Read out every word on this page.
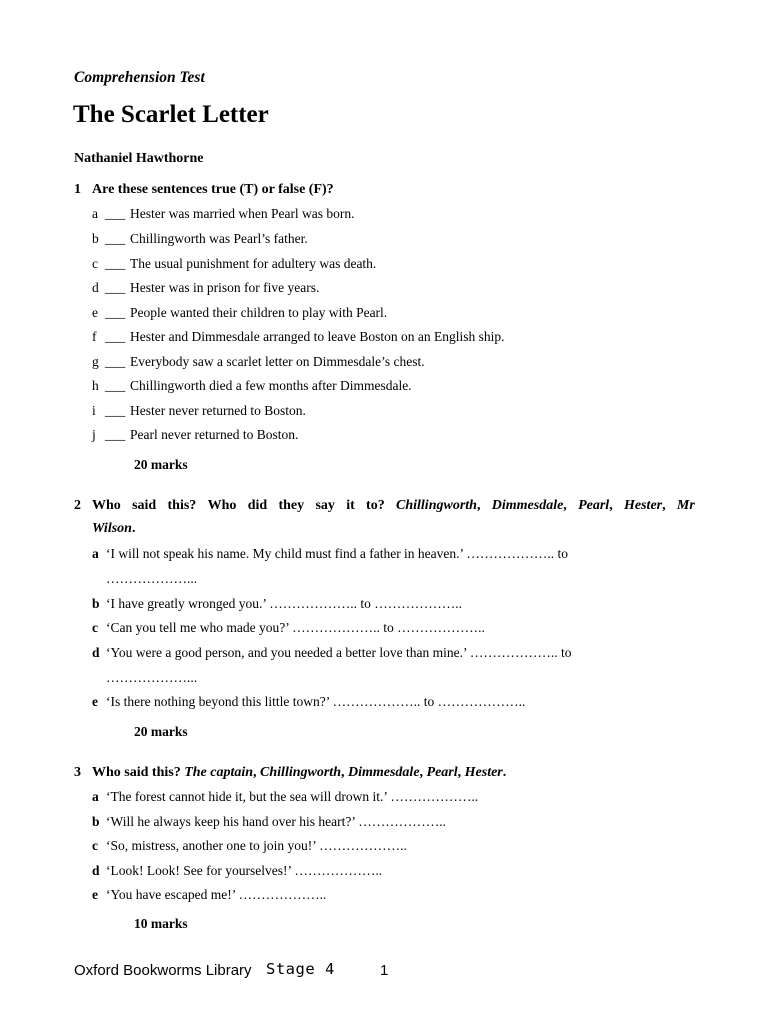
Comprehension Test
The Scarlet Letter
Nathaniel Hawthorne
1 Are these sentences true (T) or false (F)?
a ___ Hester was married when Pearl was born.
b ___ Chillingworth was Pearl’s father.
c ___ The usual punishment for adultery was death.
d ___ Hester was in prison for five years.
e ___ People wanted their children to play with Pearl.
f ___ Hester and Dimmesdale arranged to leave Boston on an English ship.
g ___ Everybody saw a scarlet letter on Dimmesdale’s chest.
h ___ Chillingworth died a few months after Dimmesdale.
i ___ Hester never returned to Boston.
j ___ Pearl never returned to Boston.
20 marks
2 Who said this? Who did they say it to? Chillingworth, Dimmesdale, Pearl, Hester, Mr
Wilson.
a ‘I will not speak his name. My child must find a father in heaven.’ ……………….. to
………………...
b ‘I have greatly wronged you.’ ……………….. to ………………..
c ‘Can you tell me who made you?’ ……………….. to ………………..
d ‘You were a good person, and you needed a better love than mine.’ ……………….. to
………………...
e ‘Is there nothing beyond this little town?’ ……………….. to ………………..
20 marks
3 Who said this? The captain, Chillingworth, Dimmesdale, Pearl, Hester.
a ‘The forest cannot hide it, but the sea will drown it.’ ………………..
b ‘Will he always keep his hand over his heart?’ ………………..
c ‘So, mistress, another one to join you!’ ………………..
d ‘Look! Look! See for yourselves!’ ………………..
e ‘You have escaped me!’ ………………..
10 marks
Oxford Bookworms Library Stage 4	1
